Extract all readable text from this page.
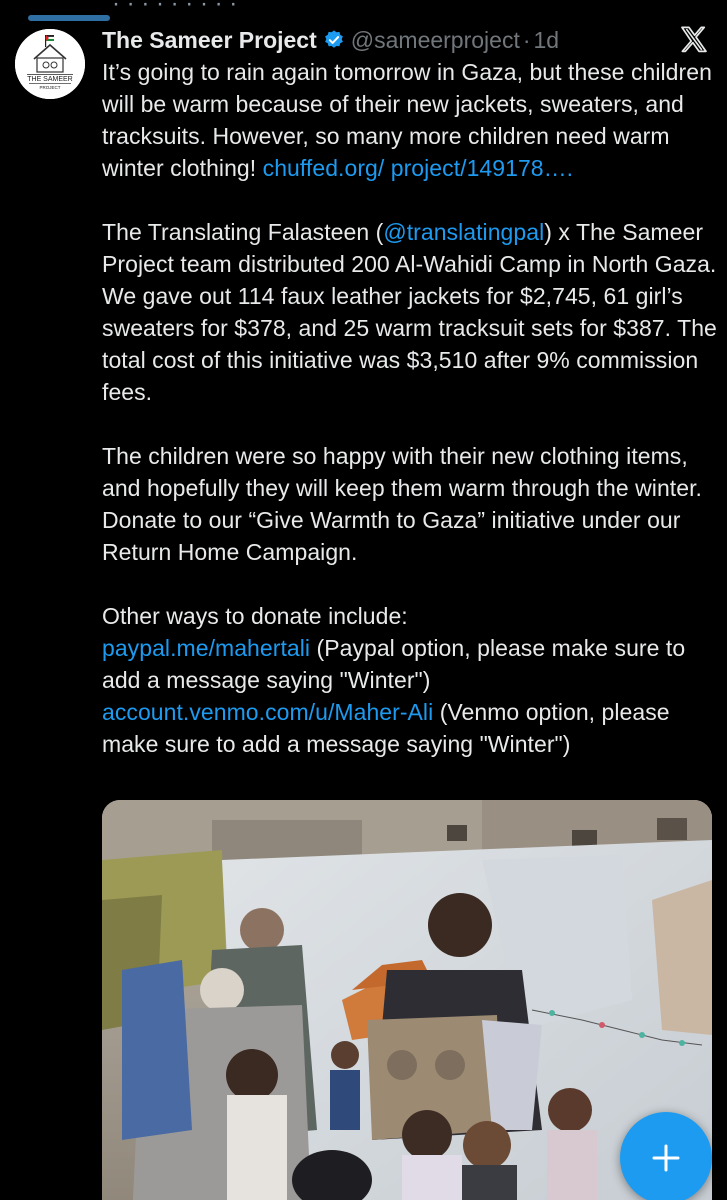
· · · · · · · · ·
THE SAMEER
PROJECT
The Sameer Project @sameerproject · 1d

It’s going to rain again tomorrow in Gaza, but these children will be warm because of their new jackets, sweaters, and tracksuits. However, so many more children need warm winter clothing! chuffed.org/ project/149178….

The Translating Falasteen (@translatingpal) x The Sameer Project team distributed 200 Al-Wahidi Camp in North Gaza. We gave out 114 faux leather jackets for $2,745, 61 girl’s sweaters for $378, and 25 warm tracksuit sets for $387. The total cost of this initiative was $3,510 after 9% commission fees.

The children were so happy with their new clothing items, and hopefully they will keep them warm through the winter. Donate to our “Give Warmth to Gaza” initiative under our Return Home Campaign.

Other ways to donate include:
paypal.me/mahertali (Paypal option, please make sure to add a message saying "Winter")
account.venmo.com/u/Maher-Ali (Venmo option, please make sure to add a message saying "Winter")
